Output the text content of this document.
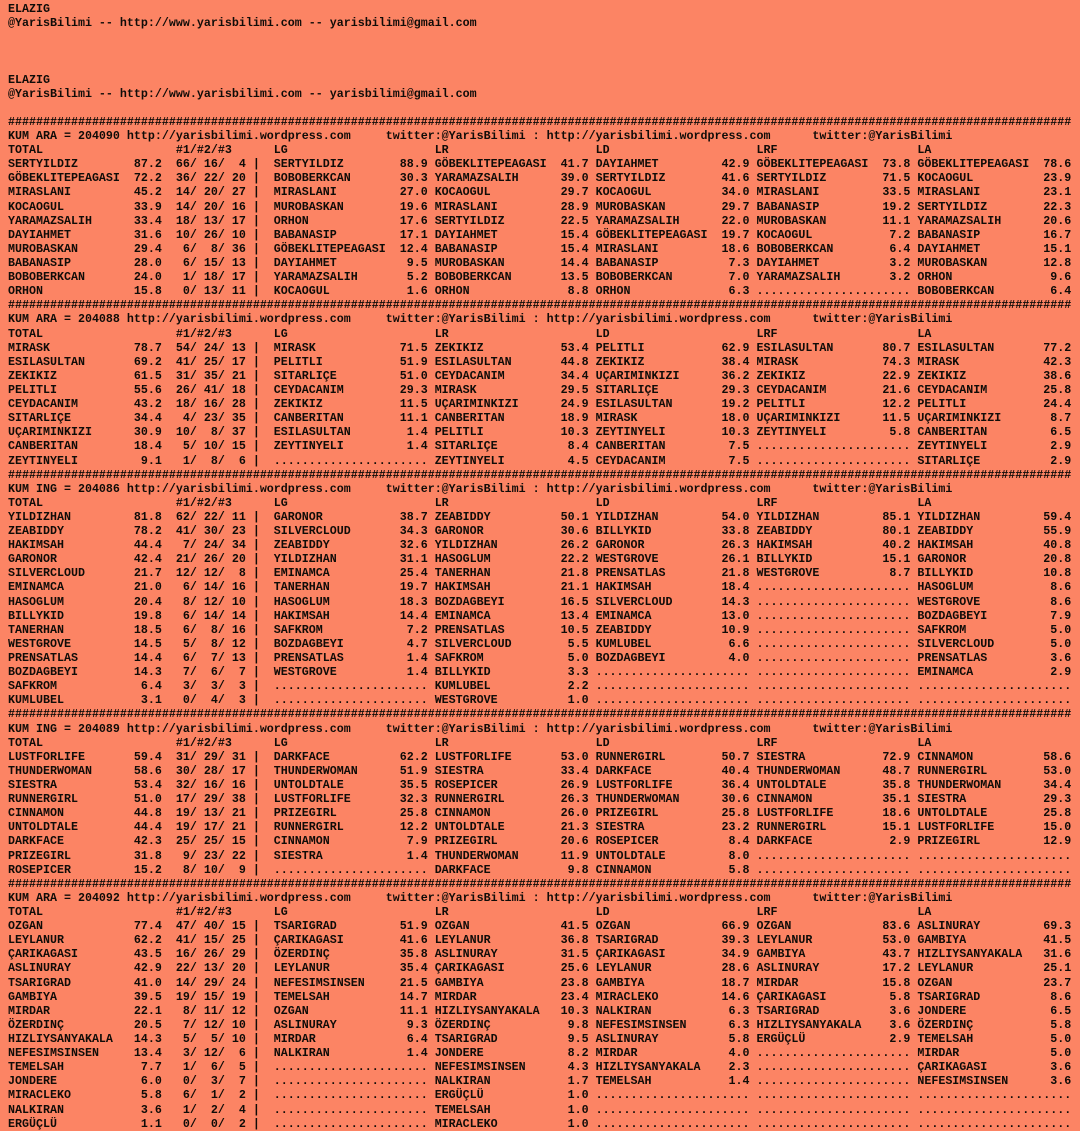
ELAZIG
@YarisBilimi -- http://www.yarisbilimi.com -- yarisbilimi@gmail.com
ELAZIG
@YarisBilimi -- http://www.yarisbilimi.com -- yarisbilimi@gmail.com
########################################################################################################################################################
KUM ARA = 204090 http://yarisbilimi.wordpress.com     twitter:@YarisBilimi : http://yarisbilimi.wordpress.com      twitter:@YarisBilimi
TOTAL                   #1/#2/#3      LG                     LR                     LD                     LRF                    LA
SERTYILDIZ        87.2  66/ 16/  4 |  SERTYILDIZ        88.9 GÖBEKLITEPEAGASI  41.7 DAYIAHMET         42.9 GÖBEKLITEPEAGASI  73.8 GÖBEKLITEPEAGASI  78.6
GÖBEKLITEPEAGASI  72.2  36/ 22/ 20 |  BOBOBERKCAN       30.3 YARAMAZSALIH      39.0 SERTYILDIZ        41.6 SERTYILDIZ        71.5 KOCAOGUL          23.9
MIRASLANI         45.2  14/ 20/ 27 |  MIRASLANI         27.0 KOCAOGUL          29.7 KOCAOGUL          34.0 MIRASLANI         33.5 MIRASLANI         23.1
KOCAOGUL          33.9  14/ 20/ 16 |  MUROBASKAN        19.6 MIRASLANI         28.9 MUROBASKAN        29.7 BABANASIP         19.2 SERTYILDIZ        22.3
YARAMAZSALIH      33.4  18/ 13/ 17 |  ORHON             17.6 SERTYILDIZ        22.5 YARAMAZSALIH      22.0 MUROBASKAN        11.1 YARAMAZSALIH      20.6
DAYIAHMET         31.6  10/ 26/ 10 |  BABANASIP         17.1 DAYIAHMET         15.4 GÖBEKLITEPEAGASI  19.7 KOCAOGUL           7.2 BABANASIP         16.7
MUROBASKAN        29.4   6/  8/ 36 |  GÖBEKLITEPEAGASI  12.4 BABANASIP         15.4 MIRASLANI         18.6 BOBOBERKCAN        6.4 DAYIAHMET         15.1
BABANASIP         28.0   6/ 15/ 13 |  DAYIAHMET          9.5 MUROBASKAN        14.4 BABANASIP          7.3 DAYIAHMET          3.2 MUROBASKAN        12.8
BOBOBERKCAN       24.0   1/ 18/ 17 |  YARAMAZSALIH       5.2 BOBOBERKCAN       13.5 BOBOBERKCAN        7.0 YARAMAZSALIH       3.2 ORHON              9.6
ORHON             15.8   0/ 13/ 11 |  KOCAOGUL           1.6 ORHON              8.8 ORHON              6.3 ...................... BOBOBERKCAN        6.4
########################################################################################################################################################
KUM ARA = 204088 http://yarisbilimi.wordpress.com     twitter:@YarisBilimi : http://yarisbilimi.wordpress.com      twitter:@YarisBilimi
TOTAL                   #1/#2/#3      LG                     LR                     LD                     LRF                    LA
MIRASK            78.7  54/ 24/ 13 |  MIRASK            71.5 ZEKIKIZ           53.4 PELITLI           62.9 ESILASULTAN       80.7 ESILASULTAN       77.2
ESILASULTAN       69.2  41/ 25/ 17 |  PELITLI           51.9 ESILASULTAN       44.8 ZEKIKIZ           38.4 MIRASK            74.3 MIRASK            42.3
ZEKIKIZ           61.5  31/ 35/ 21 |  SITARLIÇE         51.0 CEYDACANIM        34.4 UÇARIMINKIZI      36.2 ZEKIKIZ           22.9 ZEKIKIZ           38.6
PELITLI           55.6  26/ 41/ 18 |  CEYDACANIM        29.3 MIRASK            29.5 SITARLIÇE         29.3 CEYDACANIM        21.6 CEYDACANIM        25.8
CEYDACANIM        43.2  18/ 16/ 28 |  ZEKIKIZ           11.5 UÇARIMINKIZI      24.9 ESILASULTAN       19.2 PELITLI           12.2 PELITLI           24.4
SITARLIÇE         34.4   4/ 23/ 35 |  CANBERITAN        11.1 CANBERITAN        18.9 MIRASK            18.0 UÇARIMINKIZI      11.5 UÇARIMINKIZI       8.7
UÇARIMINKIZI      30.9  10/  8/ 37 |  ESILASULTAN        1.4 PELITLI           10.3 ZEYTINYELI        10.3 ZEYTINYELI         5.8 CANBERITAN         6.5
CANBERITAN        18.4   5/ 10/ 15 |  ZEYTINYELI         1.4 SITARLIÇE          8.4 CANBERITAN         7.5 ...................... ZEYTINYELI         2.9
ZEYTINYELI         9.1   1/  8/  6 |  ...................... ZEYTINYELI         4.5 CEYDACANIM         7.5 ...................... SITARLIÇE          2.9
########################################################################################################################################################
KUM ING = 204086 http://yarisbilimi.wordpress.com     twitter:@YarisBilimi : http://yarisbilimi.wordpress.com      twitter:@YarisBilimi
TOTAL                   #1/#2/#3      LG                     LR                     LD                     LRF                    LA
YILDIZHAN         81.8  62/ 22/ 11 |  GARONOR           38.7 ZEABIDDY          50.1 YILDIZHAN         54.0 YILDIZHAN         85.1 YILDIZHAN         59.4
ZEABIDDY          78.2  41/ 30/ 23 |  SILVERCLOUD       34.3 GARONOR           30.6 BILLYKID          33.8 ZEABIDDY          80.1 ZEABIDDY          55.9
HAKIMSAH          44.4   7/ 24/ 34 |  ZEABIDDY          32.6 YILDIZHAN         26.2 GARONOR           26.3 HAKIMSAH          40.2 HAKIMSAH          40.8
GARONOR           42.4  21/ 26/ 20 |  YILDIZHAN         31.1 HASOGLUM          22.2 WESTGROVE         26.1 BILLYKID          15.1 GARONOR           20.8
SILVERCLOUD       21.7  12/ 12/  8 |  EMINAMCA          25.4 TANERHAN          21.8 PRENSATLAS        21.8 WESTGROVE          8.7 BILLYKID          10.8
EMINAMCA          21.0   6/ 14/ 16 |  TANERHAN          19.7 HAKIMSAH          21.1 HAKIMSAH          18.4 ...................... HASOGLUM           8.6
HASOGLUM          20.4   8/ 12/ 10 |  HASOGLUM          18.3 BOZDAGBEYI        16.5 SILVERCLOUD       14.3 ...................... WESTGROVE          8.6
BILLYKID          19.8   6/ 14/ 14 |  HAKIMSAH          14.4 EMINAMCA          13.4 EMINAMCA          13.0 ...................... BOZDAGBEYI         7.9
TANERHAN          18.5   6/  8/ 16 |  SAFKROM            7.2 PRENSATLAS        10.5 ZEABIDDY          10.9 ...................... SAFKROM            5.0
WESTGROVE         14.5   5/  8/ 12 |  BOZDAGBEYI         4.7 SILVERCLOUD        5.5 KUMLUBEL           6.6 ...................... SILVERCLOUD        5.0
PRENSATLAS        14.4   6/  7/ 13 |  PRENSATLAS         1.4 SAFKROM            5.0 BOZDAGBEYI         4.0 ...................... PRENSATLAS         3.6
BOZDAGBEYI        14.3   7/  6/  7 |  WESTGROVE          1.4 BILLYKID           3.3 ...................... ...................... EMINAMCA           2.9
SAFKROM            6.4   3/  3/  3 |  ...................... KUMLUBEL           2.2 ...................... ...................... ......................
KUMLUBEL           3.1   0/  4/  3 |  ...................... WESTGROVE          1.0 ...................... ...................... ......................
########################################################################################################################################################
KUM ING = 204089 http://yarisbilimi.wordpress.com     twitter:@YarisBilimi : http://yarisbilimi.wordpress.com      twitter:@YarisBilimi
TOTAL                   #1/#2/#3      LG                     LR                     LD                     LRF                    LA
LUSTFORLIFE       59.4  31/ 29/ 31 |  DARKFACE          62.2 LUSTFORLIFE       53.0 RUNNERGIRL        50.7 SIESTRA           72.9 CINNAMON          58.6
THUNDERWOMAN      58.6  30/ 28/ 17 |  THUNDERWOMAN      51.9 SIESTRA           33.4 DARKFACE          40.4 THUNDERWOMAN      48.7 RUNNERGIRL        53.0
SIESTRA           53.4  32/ 16/ 16 |  UNTOLDTALE        35.5 ROSEPICER         26.9 LUSTFORLIFE       36.4 UNTOLDTALE        35.8 THUNDERWOMAN      34.4
RUNNERGIRL        51.0  17/ 29/ 38 |  LUSTFORLIFE       32.3 RUNNERGIRL        26.3 THUNDERWOMAN      30.6 CINNAMON          35.1 SIESTRA           29.3
CINNAMON          44.8  19/ 13/ 21 |  PRIZEGIRL         25.8 CINNAMON          26.0 PRIZEGIRL         25.8 LUSTFORLIFE       18.6 UNTOLDTALE        25.8
UNTOLDTALE        44.4  19/ 17/ 21 |  RUNNERGIRL        12.2 UNTOLDTALE        21.3 SIESTRA           23.2 RUNNERGIRL        15.1 LUSTFORLIFE       15.0
DARKFACE          42.3  25/ 25/ 15 |  CINNAMON           7.9 PRIZEGIRL         20.6 ROSEPICER          8.4 DARKFACE           2.9 PRIZEGIRL         12.9
PRIZEGIRL         31.8   9/ 23/ 22 |  SIESTRA            1.4 THUNDERWOMAN      11.9 UNTOLDTALE         8.0 ...................... ......................
ROSEPICER         15.2   8/ 10/  9 |  ...................... DARKFACE           9.8 CINNAMON           5.8 ...................... ......................
########################################################################################################################################################
KUM ARA = 204092 http://yarisbilimi.wordpress.com     twitter:@YarisBilimi : http://yarisbilimi.wordpress.com      twitter:@YarisBilimi
TOTAL                   #1/#2/#3      LG                     LR                     LD                     LRF                    LA
OZGAN             77.4  47/ 40/ 15 |  TSARIGRAD         51.9 OZGAN             41.5 OZGAN             66.9 OZGAN             83.6 ASLINURAY         69.3
LEYLANUR          62.2  41/ 15/ 25 |  ÇARIKAGASI        41.6 LEYLANUR          36.8 TSARIGRAD         39.3 LEYLANUR          53.0 GAMBIYA           41.5
ÇARIKAGASI        43.5  16/ 26/ 29 |  ÖZERDINÇ          35.8 ASLINURAY         31.5 ÇARIKAGASI        34.9 GAMBIYA           43.7 HIZLIYSANYAKALA   31.6
ASLINURAY         42.9  22/ 13/ 20 |  LEYLANUR          35.4 ÇARIKAGASI        25.6 LEYLANUR          28.6 ASLINURAY         17.2 LEYLANUR          25.1
TSARIGRAD         41.0  14/ 29/ 24 |  NEFESIMSINSEN     21.5 GAMBIYA           23.8 GAMBIYA           18.7 MIRDAR            15.8 OZGAN             23.7
GAMBIYA           39.5  19/ 15/ 19 |  TEMELSAH          14.7 MIRDAR            23.4 MIRACLEKO         14.6 ÇARIKAGASI         5.8 TSARIGRAD          8.6
MIRDAR            22.1   8/ 11/ 12 |  OZGAN             11.1 HIZLIYSANYAKALA   10.3 NALKIRAN           6.3 TSARIGRAD          3.6 JONDERE            6.5
ÖZERDINÇ          20.5   7/ 12/ 10 |  ASLINURAY          9.3 ÖZERDINÇ           9.8 NEFESIMSINSEN      6.3 HIZLIYSANYAKALA    3.6 ÖZERDINÇ           5.8
HIZLIYSANYAKALA   14.3   5/  5/ 10 |  MIRDAR             6.4 TSARIGRAD          9.5 ASLINURAY          5.8 ERGÜÇLÜ            2.9 TEMELSAH           5.0
NEFESIMSINSEN     13.4   3/ 12/  6 |  NALKIRAN           1.4 JONDERE            8.2 MIRDAR             4.0 ...................... MIRDAR             5.0
TEMELSAH           7.7   1/  6/  5 |  ...................... NEFESIMSINSEN      4.3 HIZLIYSANYAKALA    2.3 ...................... ÇARIKAGASI         3.6
JONDERE            6.0   0/  3/  7 |  ...................... NALKIRAN           1.7 TEMELSAH           1.4 ...................... NEFESIMSINSEN      3.6
MIRACLEKO          5.8   6/  1/  2 |  ...................... ERGÜÇLÜ            1.0 ...................... ...................... ......................
NALKIRAN           3.6   1/  2/  4 |  ...................... TEMELSAH           1.0 ...................... ...................... ......................
ERGÜÇLÜ            1.1   0/  0/  2 |  ...................... MIRACLEKO          1.0 ...................... ...................... ......................
